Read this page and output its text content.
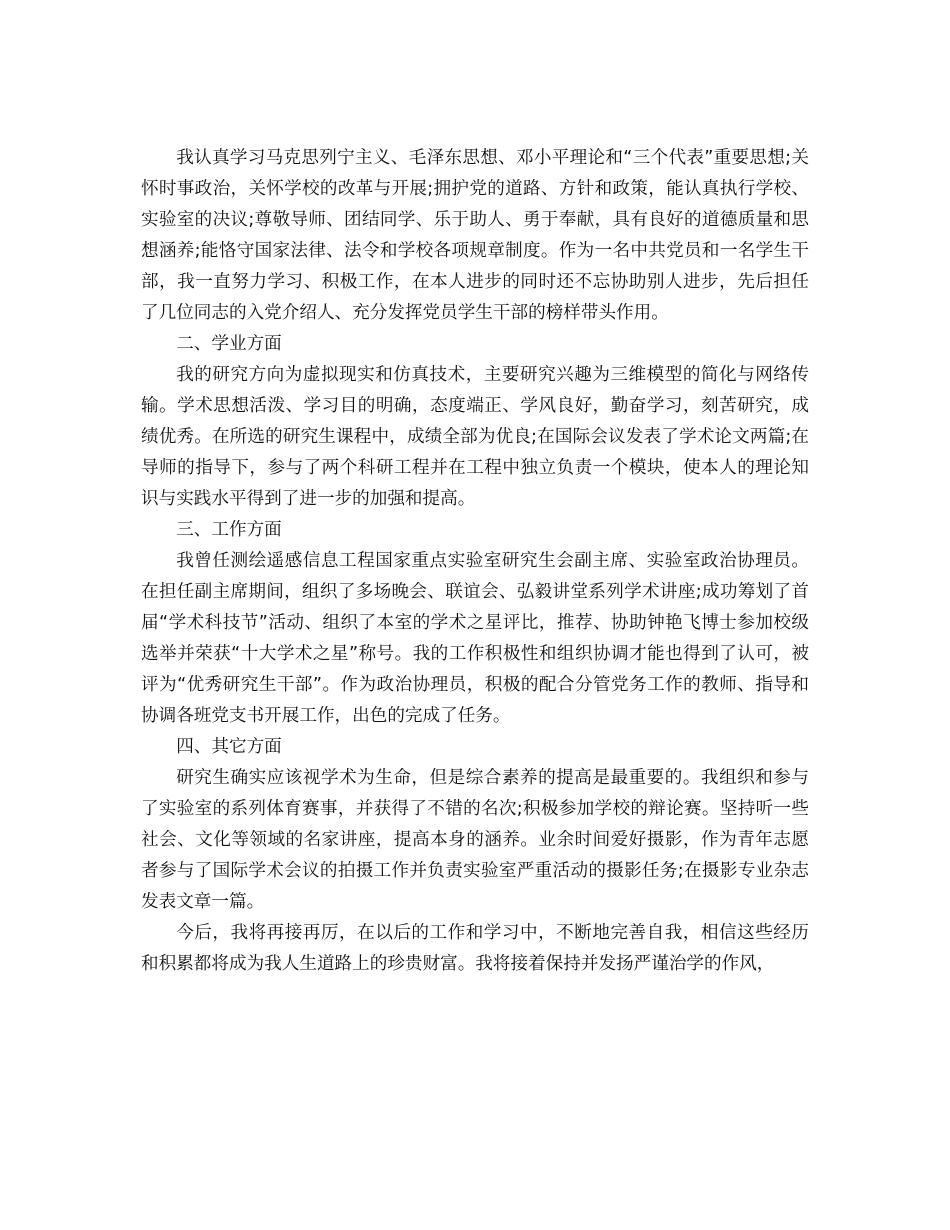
我认真学习马克思列宁主义、毛泽东思想、邓小平理论和“三个代表”重要思想;关怀时事政治，关怀学校的改革与开展;拥护党的道路、方针和政策，能认真执行学校、实验室的决议;尊敬导师、团结同学、乐于助人、勇于奉献，具有良好的道德质量和思想涵养;能恪守国家法律、法令和学校各项规章制度。作为一名中共党员和一名学生干部，我一直努力学习、积极工作，在本人进步的同时还不忘协助别人进步，先后担任了几位同志的入党介绍人、充分发挥党员学生干部的榜样带头作用。

二、学业方面

我的研究方向为虚拟现实和仿真技术，主要研究兴趣为三维模型的简化与网络传输。学术思想活泼、学习目的明确，态度端正、学风良好，勤奋学习，刻苦研究，成绩优秀。在所选的研究生课程中，成绩全部为优良;在国际会议发表了学术论文两篇;在导师的指导下，参与了两个科研工程并在工程中独立负责一个模块，使本人的理论知识与实践水平得到了进一步的加强和提高。

三、工作方面

我曾任测绘遥感信息工程国家重点实验室研究生会副主席、实验室政治协理员。在担任副主席期间，组织了多场晚会、联谊会、弘毅讲堂系列学术讲座;成功筹划了首届“学术科技节”活动、组织了本室的学术之星评比，推荐、协助钟艳飞博士参加校级选举并荣获“十大学术之星”称号。我的工作积极性和组织协调才能也得到了认可，被评为“优秀研究生干部”。作为政治协理员，积极的配合分管党务工作的教师、指导和协调各班党支书开展工作，出色的完成了任务。

四、其它方面

研究生确实应该视学术为生命，但是综合素养的提高是最重要的。我组织和参与了实验室的系列体育赛事，并获得了不错的名次;积极参加学校的辩论赛。坚持听一些社会、文化等领域的名家讲座，提高本身的涵养。业余时间爱好摄影，作为青年志愿者参与了国际学术会议的拍摄工作并负责实验室严重活动的摄影任务;在摄影专业杂志发表文章一篇。

今后，我将再接再厉，在以后的工作和学习中，不断地完善自我，相信这些经历和积累都将成为我人生道路上的珍贵财富。我将接着保持并发扬严谨治学的作风，
